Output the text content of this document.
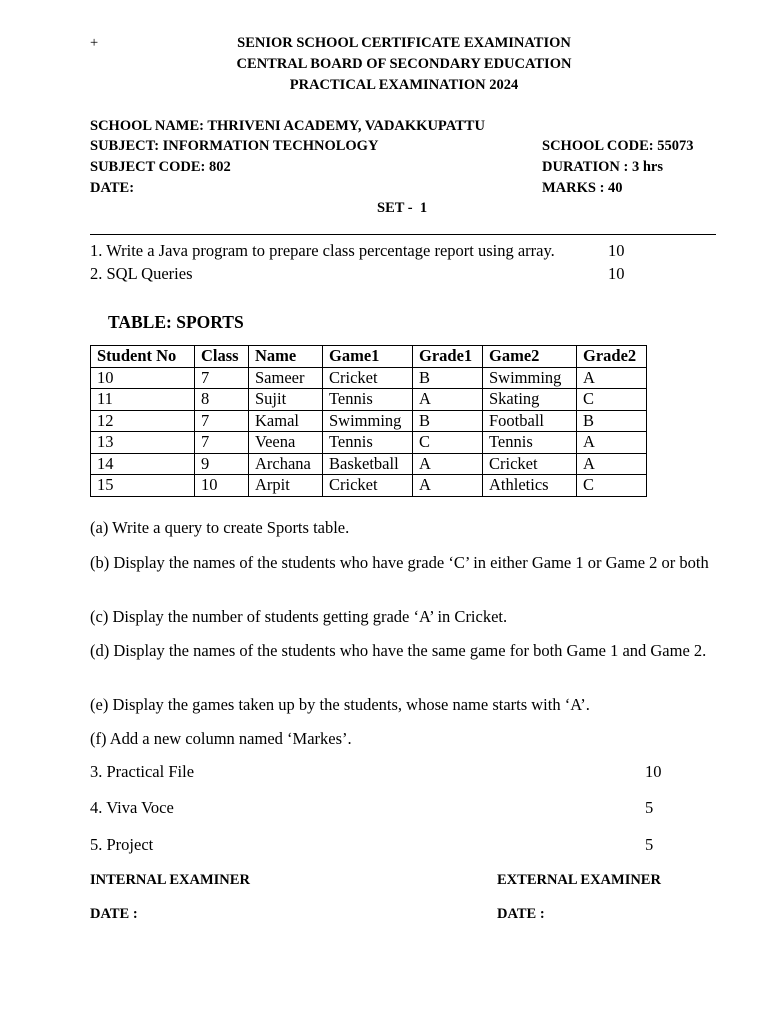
+	SENIOR SCHOOL CERTIFICATE EXAMINATION
CENTRAL BOARD OF SECONDARY EDUCATION
PRACTICAL EXAMINATION 2024
SCHOOL NAME: THRIVENI ACADEMY, VADAKKUPATTU
SUBJECT: INFORMATION TECHNOLOGY	SCHOOL CODE: 55073
SUBJECT CODE: 802	DURATION : 3 hrs
DATE:	MARKS : 40
SET -  1
1. Write a Java program to prepare class percentage report using array.	10
2. SQL Queries	10
TABLE: SPORTS
Student No	Class	Name	Game1	Grade1	Game2	Grade2
10	7	Sameer	Cricket	B	Swimming	A
11	8	Sujit	Tennis	A	Skating	C
12	7	Kamal	Swimming	B	Football	B
13	7	Veena	Tennis	C	Tennis	A
14	9	Archana	Basketball	A	Cricket	A
15	10	Arpit	Cricket	A	Athletics	C
(a) Write a query to create Sports table.
(b) Display the names of the students who have grade ‘C’ in either Game 1 or Game 2 or both
(c) Display the number of students getting grade ‘A’ in Cricket.
(d) Display the names of the students who have the same game for both Game 1 and Game 2.
(e) Display the games taken up by the students, whose name starts with ‘A’.
(f) Add a new column named ‘Markes’.
3. Practical File	10
4. Viva Voce	5
5. Project	5
INTERNAL EXAMINER	EXTERNAL EXAMINER
DATE :	DATE :
